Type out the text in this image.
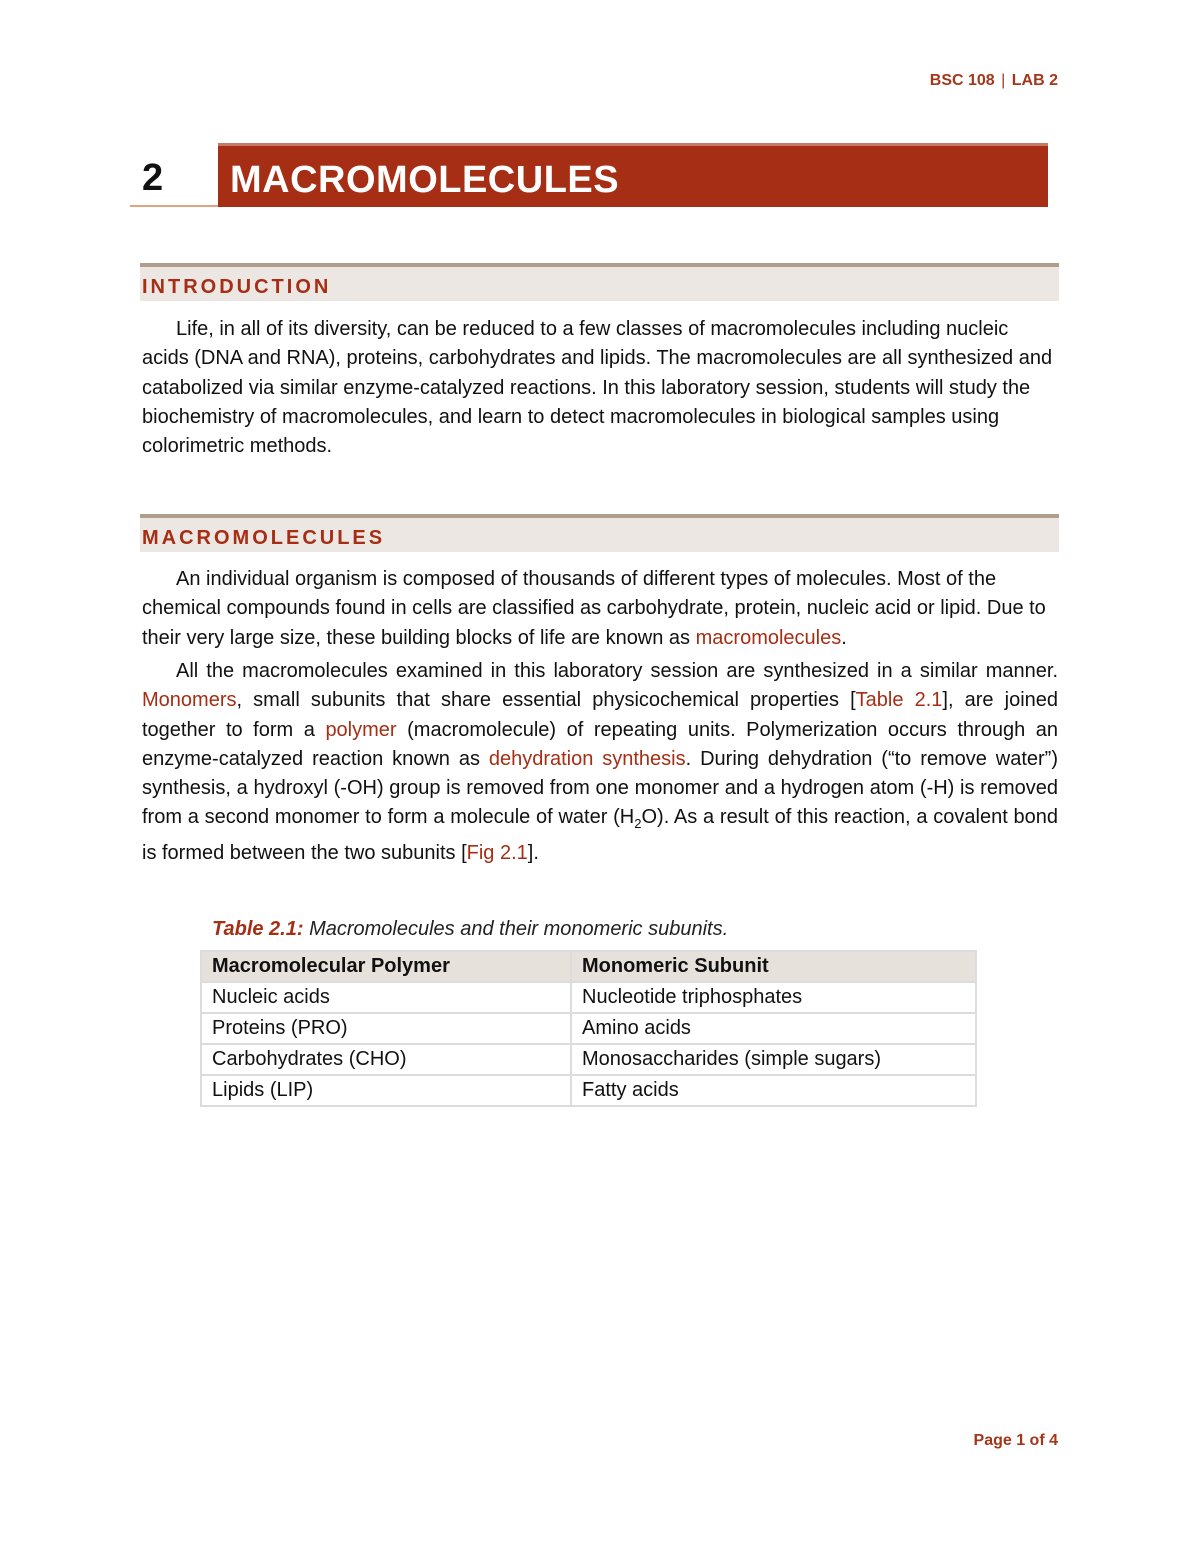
BSC 108 | LAB 2
2 MACROMOLECULES
INTRODUCTION

Life, in all of its diversity, can be reduced to a few classes of macromolecules including nucleic acids (DNA and RNA), proteins, carbohydrates and lipids. The macromolecules are all synthesized and catabolized via similar enzyme-catalyzed reactions. In this laboratory session, students will study the biochemistry of macromolecules, and learn to detect macromolecules in biological samples using colorimetric methods.

MACROMOLECULES

An individual organism is composed of thousands of different types of molecules. Most of the chemical compounds found in cells are classified as carbohydrate, protein, nucleic acid or lipid. Due to their very large size, these building blocks of life are known as macromolecules.

All the macromolecules examined in this laboratory session are synthesized in a similar manner. Monomers, small subunits that share essential physicochemical properties [Table 2.1], are joined together to form a polymer (macromolecule) of repeating units. Polymerization occurs through an enzyme-catalyzed reaction known as dehydration synthesis. During dehydration (“to remove water”) synthesis, a hydroxyl (-OH) group is removed from one monomer and a hydrogen atom (-H) is removed from a second monomer to form a molecule of water $(H_2O)$. As a result of this reaction, a covalent bond is formed between the two subunits [Fig 2.1].

Table 2.1: Macromolecules and their monomeric subunits.
Macromolecular Polymer	Monomeric Subunit
Nucleic acids	Nucleotide triphosphates
Proteins (PRO)	Amino acids
Carbohydrates (CHO)	Monosaccharides (simple sugars)
Lipids (LIP)	Fatty acids
Page 1 of 4
